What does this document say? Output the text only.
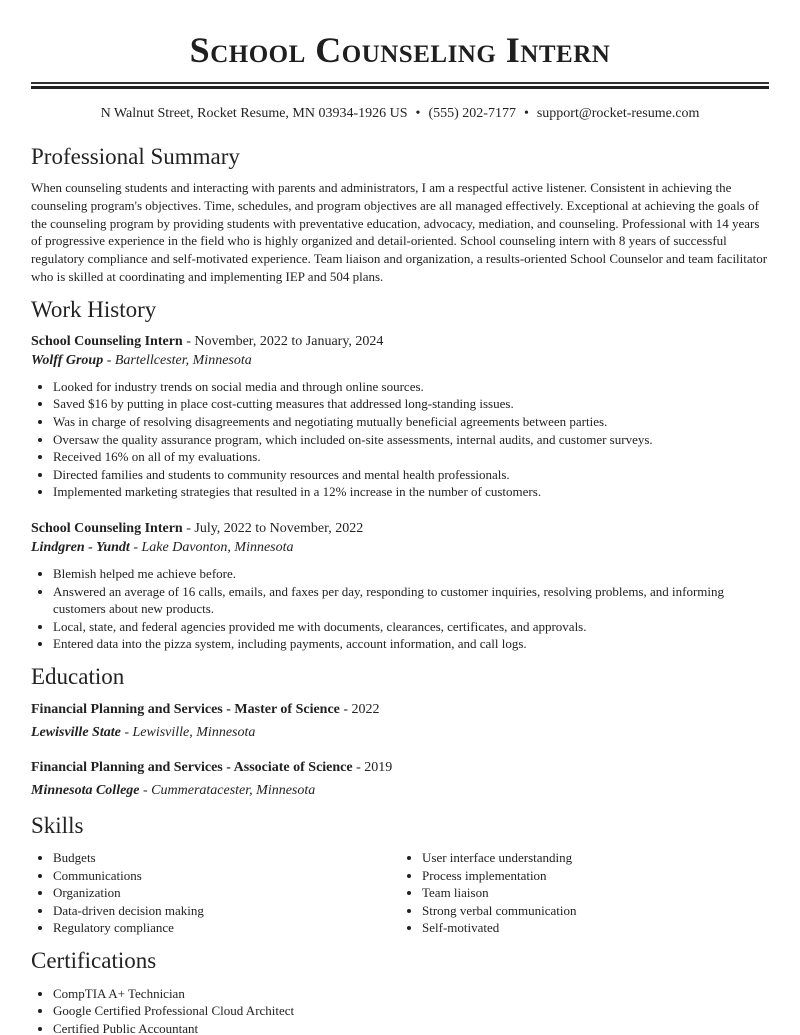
School Counseling Intern
N Walnut Street, Rocket Resume, MN 03934-1926 US • (555) 202-7177 • support@rocket-resume.com
Professional Summary

When counseling students and interacting with parents and administrators, I am a respectful active listener. Consistent in achieving the counseling program's objectives. Time, schedules, and program objectives are all managed effectively. Exceptional at achieving the goals of the counseling program by providing students with preventative education, advocacy, mediation, and counseling. Professional with 14 years of progressive experience in the field who is highly organized and detail-oriented. School counseling intern with 8 years of successful regulatory compliance and self-motivated experience. Team liaison and organization, a results-oriented School Counselor and team facilitator who is skilled at coordinating and implementing IEP and 504 plans.

Work History
School Counseling Intern - November, 2022 to January, 2024
Wolff Group - Bartellcester, Minnesota
• Looked for industry trends on social media and through online sources.
• Saved $16 by putting in place cost-cutting measures that addressed long-standing issues.
• Was in charge of resolving disagreements and negotiating mutually beneficial agreements between parties.
• Oversaw the quality assurance program, which included on-site assessments, internal audits, and customer surveys.
• Received 16% on all of my evaluations.
• Directed families and students to community resources and mental health professionals.
• Implemented marketing strategies that resulted in a 12% increase in the number of customers.
School Counseling Intern - July, 2022 to November, 2022
Lindgren - Yundt - Lake Davonton, Minnesota
• Blemish helped me achieve before.
• Answered an average of 16 calls, emails, and faxes per day, responding to customer inquiries, resolving problems, and informing customers about new products.
• Local, state, and federal agencies provided me with documents, clearances, certificates, and approvals.
• Entered data into the pizza system, including payments, account information, and call logs.
Education
Financial Planning and Services - Master of Science - 2022
Lewisville State - Lewisville, Minnesota
Financial Planning and Services - Associate of Science - 2019
Minnesota College - Cummeratacester, Minnesota
Skills
• Budgets
• Communications
• Organization
• Data-driven decision making
• Regulatory compliance
• User interface understanding
• Process implementation
• Team liaison
• Strong verbal communication
• Self-motivated
Certifications
• CompTIA A+ Technician
• Google Certified Professional Cloud Architect
• Certified Public Accountant
